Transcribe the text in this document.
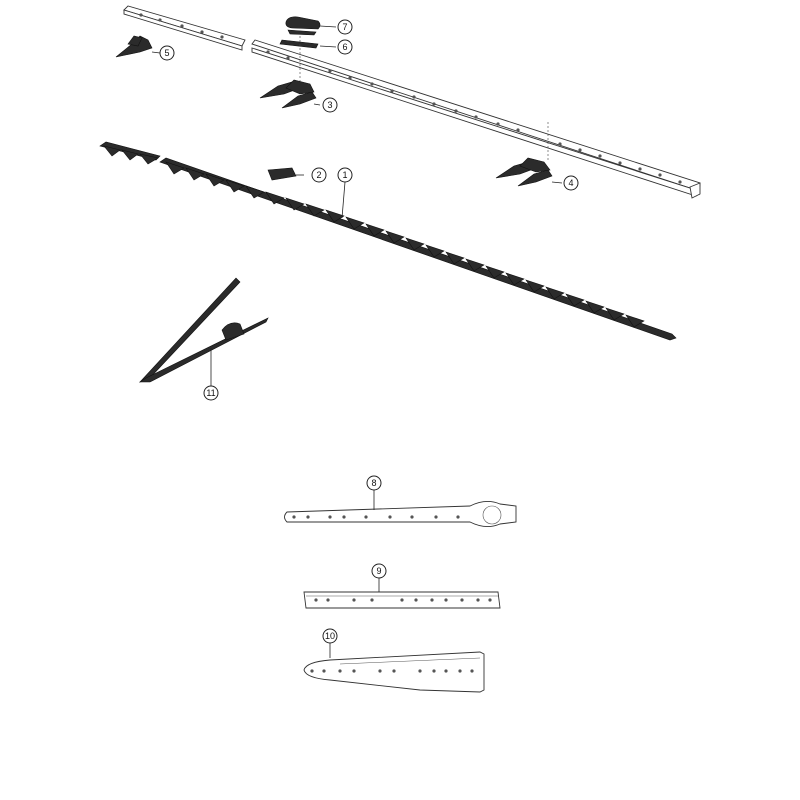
7
6
5
3
4
2 1
11
8
9
10
